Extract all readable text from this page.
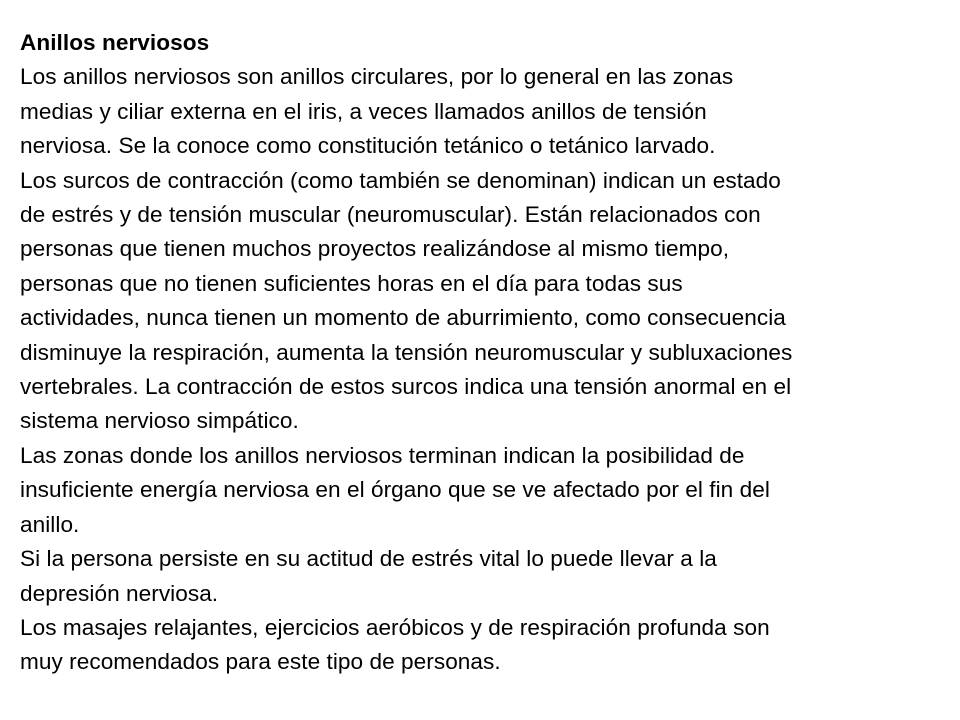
Anillos nerviosos

Los anillos nerviosos son anillos circulares, por lo general en las zonas
medias y ciliar externa en el iris, a veces llamados anillos de tensión
nerviosa. Se la conoce como constitución tetánico o tetánico larvado.

Los surcos de contracción (como también se denominan) indican un estado
de estrés y de tensión muscular (neuromuscular). Están relacionados con
personas que tienen muchos proyectos realizándose al mismo tiempo,
personas que no tienen suficientes horas en el día para todas sus
actividades, nunca tienen un momento de aburrimiento, como consecuencia
disminuye la respiración, aumenta la tensión neuromuscular y subluxaciones
vertebrales. La contracción de estos surcos indica una tensión anormal en el
sistema nervioso simpático.

Las zonas donde los anillos nerviosos terminan indican la posibilidad de
insuficiente energía nerviosa en el órgano que se ve afectado por el fin del
anillo.

Si la persona persiste en su actitud de estrés vital lo puede llevar a la
depresión nerviosa.

Los masajes relajantes, ejercicios aeróbicos y de respiración profunda son
muy recomendados para este tipo de personas.
